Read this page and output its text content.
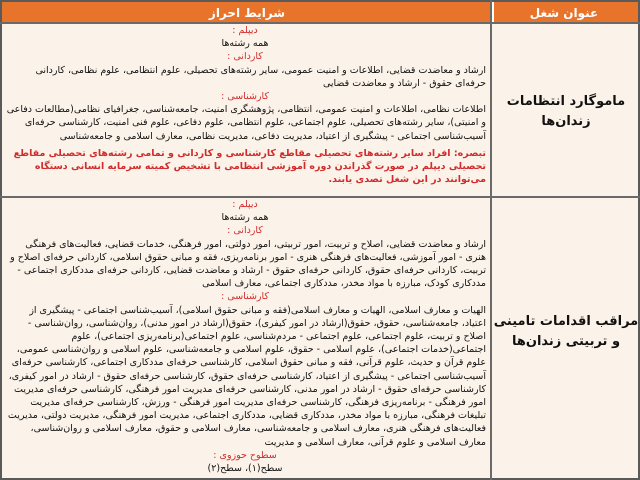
عنوان شغل
شرایط احراز
ماموگارد انتظامات زندان‌ها
مراقب اقدامات تامینی و تربیتی زندان‌ها

دیپلم :

همه رشته‌ها

کاردانی :

ارشاد و معاضدت قضایی، اطلاعات و امنیت عمومی، سایر رشته‌های تحصیلی، علوم انتظامی، علوم نظامی، کاردانی حرفه‌ای حقوق - ارشاد و معاضدت قضایی

کارشناسی :

اطلاعات نظامی، اطلاعات و امنیت عمومی، انتظامی، پژوهشگری امنیت، جامعه‌شناسی، جغرافیای نظامی(مطالعات دفاعی و امنیتی)، سایر رشته‌های تحصیلی، علوم اجتماعی، علوم انتظامی، علوم دفاعی، علوم فنی امنیت، کارشناسی حرفه‌ای آسیب‌شناسی اجتماعی - پیشگیری از اعتیاد، مدیریت دفاعی، مدیریت نظامی، معارف اسلامی و جامعه‌شناسی

تبصره: افراد سایر رشته‌های تحصیلی مقاطع کارشناسی و کاردانی و تمامی رشته‌های تحصیلی مقاطع تحصیلی دیپلم در صورت گذراندن دوره آموزشی انتظامی با تشخیص کمیته سرمایه انسانی دستگاه می‌توانند در این شغل تصدی یابند.

دیپلم :

همه رشته‌ها

کاردانی :

ارشاد و معاضدت قضایی، اصلاح و تربیت، امور تربیتی، امور دولتی، امور فرهنگی، خدمات قضایی، فعالیت‌های فرهنگی هنری - امور آموزشی، فعالیت‌های فرهنگی هنری - امور برنامه‌ریزی، فقه و مبانی حقوق اسلامی، کاردانی حرفه‌ای اصلاح و تربیت، کاردانی حرفه‌ای حقوق، کاردانی حرفه‌ای حقوق - ارشاد و معاضدت قضایی، کاردانی حرفه‌ای مددکاری اجتماعی - مددکاری کودک، مبارزه با مواد مخدر، مددکاری اجتماعی، معارف اسلامی

کارشناسی :

الهیات و معارف اسلامی، الهیات و معارف اسلامی(فقه و مبانی حقوق اسلامی)، آسیب‌شناسی اجتماعی - پیشگیری از اعتیاد، جامعه‌شناسی، حقوق، حقوق(ارشاد در امور کیفری)، حقوق(ارشاد در امور مدنی)، روان‌شناسی، روان‌شناسی - اصلاح و تربیت، علوم اجتماعی، علوم اجتماعی - مردم‌شناسی، علوم اجتماعی(برنامه‌ریزی اجتماعی)، علوم اجتماعی(خدمات اجتماعی)، علوم اسلامی - حقوق، علوم اسلامی و جامعه‌شناسی، علوم اسلامی و روان‌شناسی عمومی، علوم قرآن و حدیث، علوم قرآنی، فقه و مبانی حقوق اسلامی، کارشناسی حرفه‌ای مددکاری اجتماعی، کارشناسی حرفه‌ای آسیب‌شناسی اجتماعی - پیشگیری از اعتیاد، کارشناسی حرفه‌ای حقوق، کارشناسی حرفه‌ای حقوق - ارشاد در امور کیفری، کارشناسی حرفه‌ای حقوق - ارشاد در امور مدنی، کارشناسی حرفه‌ای مدیریت امور فرهنگی، کارشناسی حرفه‌ای مدیریت امور فرهنگی - برنامه‌ریزی فرهنگی، کارشناسی حرفه‌ای مدیریت امور فرهنگی - ورزش، کارشناسی حرفه‌ای مدیریت تبلیغات فرهنگی، مبارزه با مواد مخدر، مددکاری قضایی، مددکاری اجتماعی، مدیریت امور فرهنگی، مدیریت دولتی، مدیریت فعالیت‌های فرهنگی هنری، معارف اسلامی و جامعه‌شناسی، معارف اسلامی و حقوق، معارف اسلامی و روان‌شناسی، معارف اسلامی و علوم قرآنی، معارف اسلامی و مدیریت

سطوح حوزوی :

سطح(۱)، سطح(۲)
